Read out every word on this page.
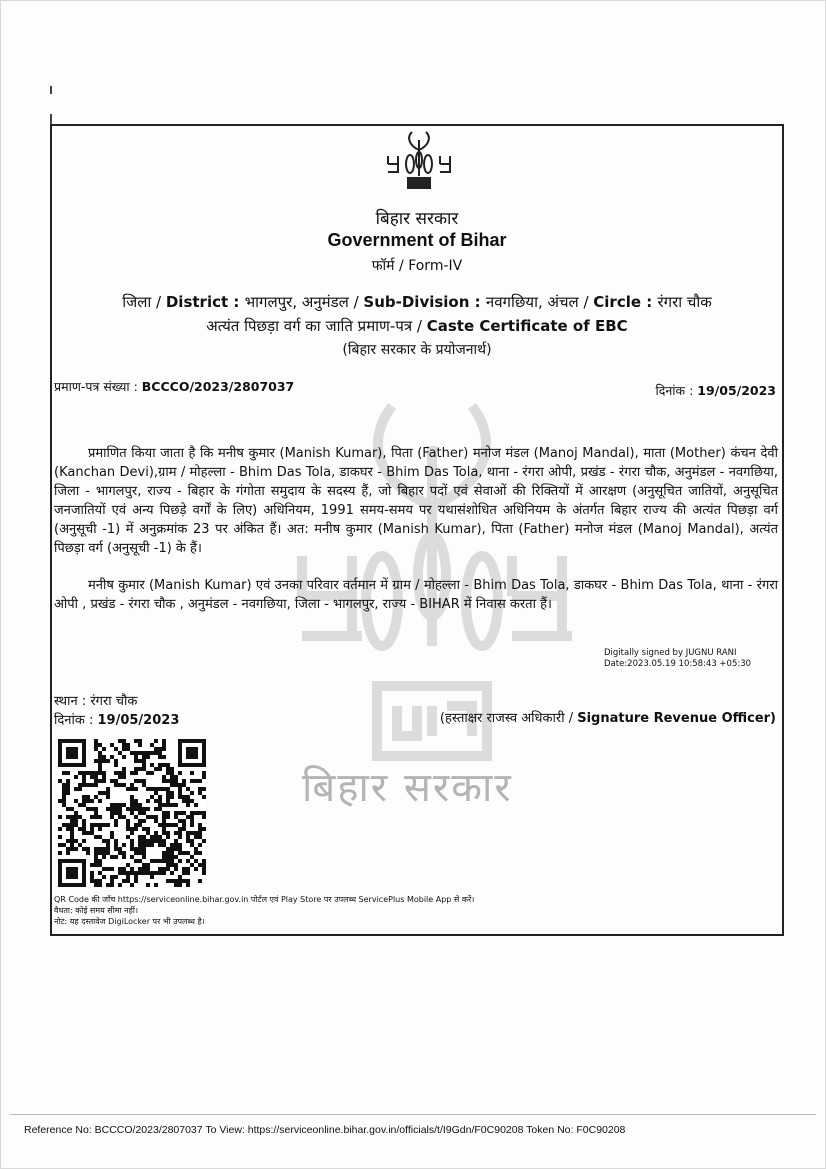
बिहार सरकार
बिहार सरकार
Government of Bihar
फॉर्म / Form-IV
जिला / District : भागलपुर, अनुमंडल / Sub-Division : नवगछिया, अंचल / Circle : रंगरा चौक
अत्यंत पिछड़ा वर्ग का जाति प्रमाण-पत्र / Caste Certificate of EBC
(बिहार सरकार के प्रयोजनार्थ)
प्रमाण-पत्र संख्या : BCCCO/2023/2807037	दिनांक : 19/05/2023
प्रमाणित किया जाता है कि मनीष कुमार (Manish Kumar), पिता (Father) मनोज मंडल (Manoj Mandal), माता (Mother) कंचन देवी (Kanchan Devi),ग्राम / मोहल्ला - Bhim Das Tola, डाकघर - Bhim Das Tola, थाना - रंगरा ओपी, प्रखंड - रंगरा चौक, अनुमंडल - नवगछिया, जिला - भागलपुर, राज्य - बिहार के गंगोता समुदाय के सदस्य हैं, जो बिहार पदों एवं सेवाओं की रिक्तियों में आरक्षण (अनुसूचित जातियों, अनुसूचित जनजातियों एवं अन्य पिछड़े वर्गों के लिए) अधिनियम, 1991 समय-समय पर यथासंशोधित अधिनियम के अंतर्गत बिहार राज्य की अत्यंत पिछड़ा वर्ग (अनुसूची -1) में अनुक्रमांक 23 पर अंकित हैं। अत: मनीष कुमार (Manish Kumar), पिता (Father) मनोज मंडल (Manoj Mandal), अत्यंत पिछड़ा वर्ग (अनुसूची -1) के हैं।
मनीष कुमार (Manish Kumar) एवं उनका परिवार वर्तमान में ग्राम / मोहल्ला - Bhim Das Tola, डाकघर - Bhim Das Tola, थाना - रंगरा ओपी , प्रखंड - रंगरा चौक , अनुमंडल - नवगछिया, जिला - भागलपुर, राज्य - BIHAR में निवास करता हैं।
Digitally signed by JUGNU RANI
Date:2023.05.19 10:58:43 +05:30
स्थान : रंगरा चौक
दिनांक : 19/05/2023	(हस्ताक्षर राजस्व अधिकारी / Signature Revenue Officer)
QR Code की जाँच https://serviceonline.bihar.gov.in पोर्टल एवं Play Store पर उपलब्ध ServicePlus Mobile App से करें।
वैधता: कोई समय सीमा नहीं।
नोट: यह दस्तावेज DigiLocker पर भी उपलब्ध है।
Reference No: BCCCO/2023/2807037 To View: https://serviceonline.bihar.gov.in/officials/t/I9Gdn/F0C90208 Token No: F0C90208
